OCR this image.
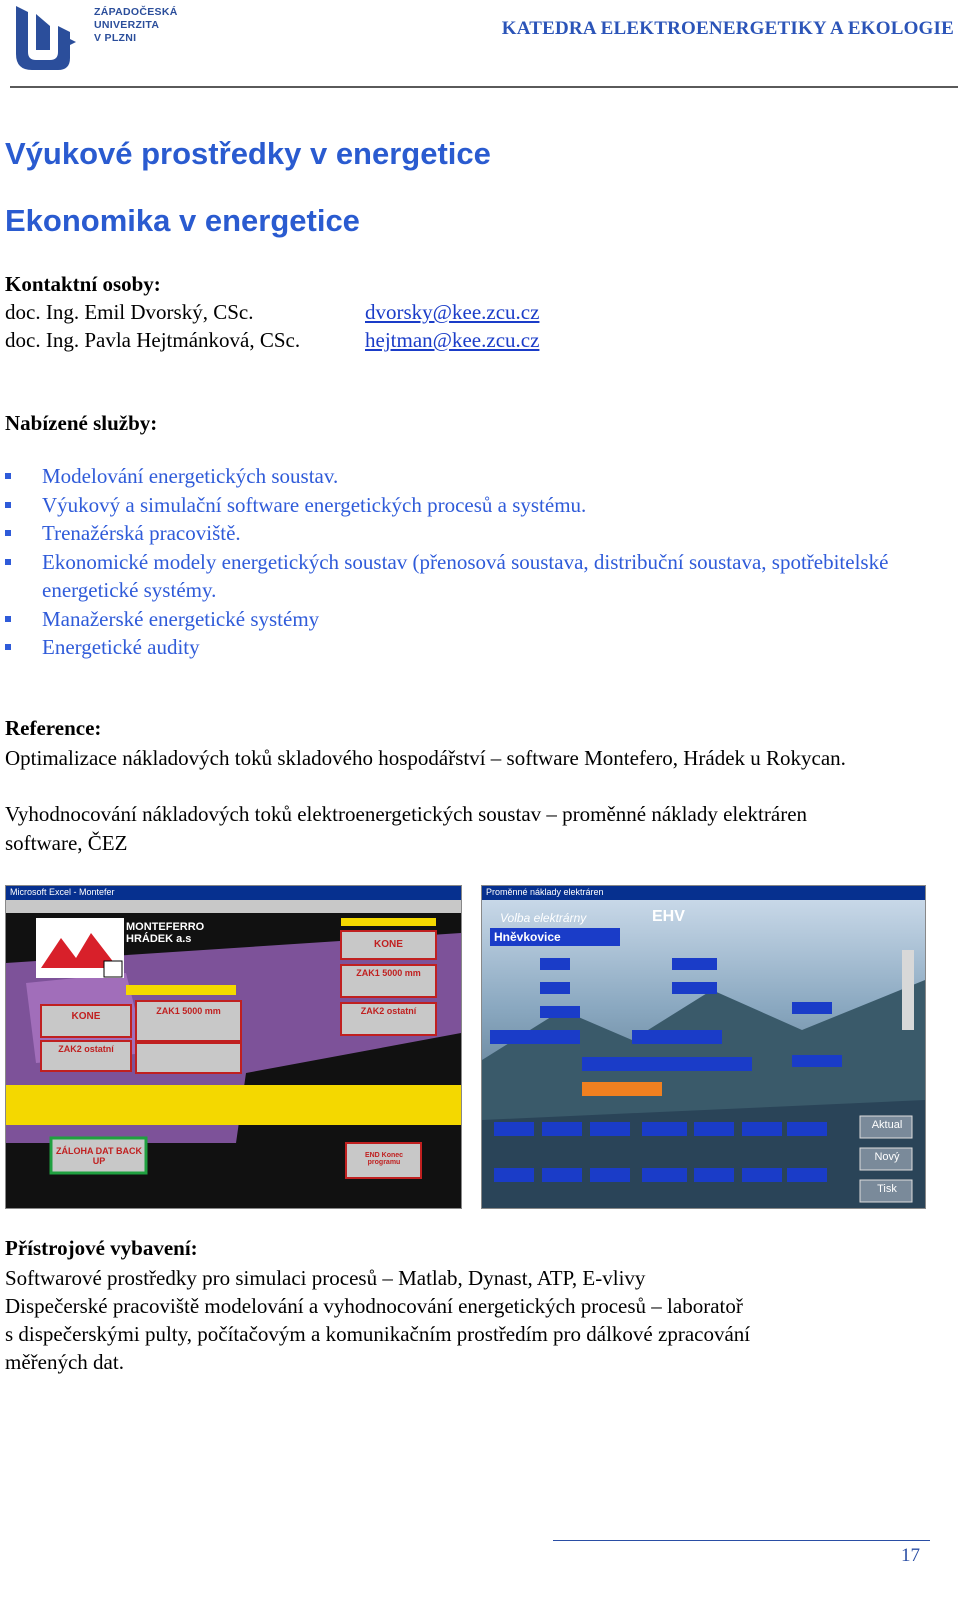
ZÁPADOČESKÁ
UNIVERZITA
V PLZNI	KATEDRA ELEKTROENERGETIKY A EKOLOGIE
Výukové prostředky v energetice
Ekonomika v energetice
Kontaktní osoby:
doc. Ing. Emil Dvorský, CSc.	dvorsky@kee.zcu.cz
doc. Ing. Pavla Hejtmánková, CSc.	hejtman@kee.zcu.cz
Nabízené služby:
Modelování energetických soustav.
Výukový a simulační software energetických procesů a systému.
Trenažérská pracoviště.
Ekonomické modely energetických soustav (přenosová soustava, distribuční soustava, spotřebitelské energetické systémy.
Manažerské energetické systémy
Energetické audity
Reference:
Optimalizace nákladových toků skladového hospodářství – software Montefero, Hrádek u Rokycan.
Vyhodnocování nákladových toků elektroenergetických soustav – proměnné náklady elektráren software, ČEZ
Microsoft Excel - Montefer
MONTEFERRO HRÁDEK a.s
KONE
KONE
ZAK1 5000 mm
ZAK1 5000 mm
ZAK2 ostatní
ZAK2 ostatní
ZÁLOHA DAT BACK UP
END Konec programu
Proměnné náklady elektráren
Volba elektrárny
Hněvkovice
EHV
Aktual
Nový
Tisk
Přístrojové vybavení:
Softwarové prostředky pro simulaci procesů – Matlab, Dynast, ATP, E-vlivy
Dispečerské pracoviště modelování a vyhodnocování energetických procesů – laboratoř
s dispečerskými pulty, počítačovým a komunikačním prostředím pro dálkové zpracování
měřených dat.
17
